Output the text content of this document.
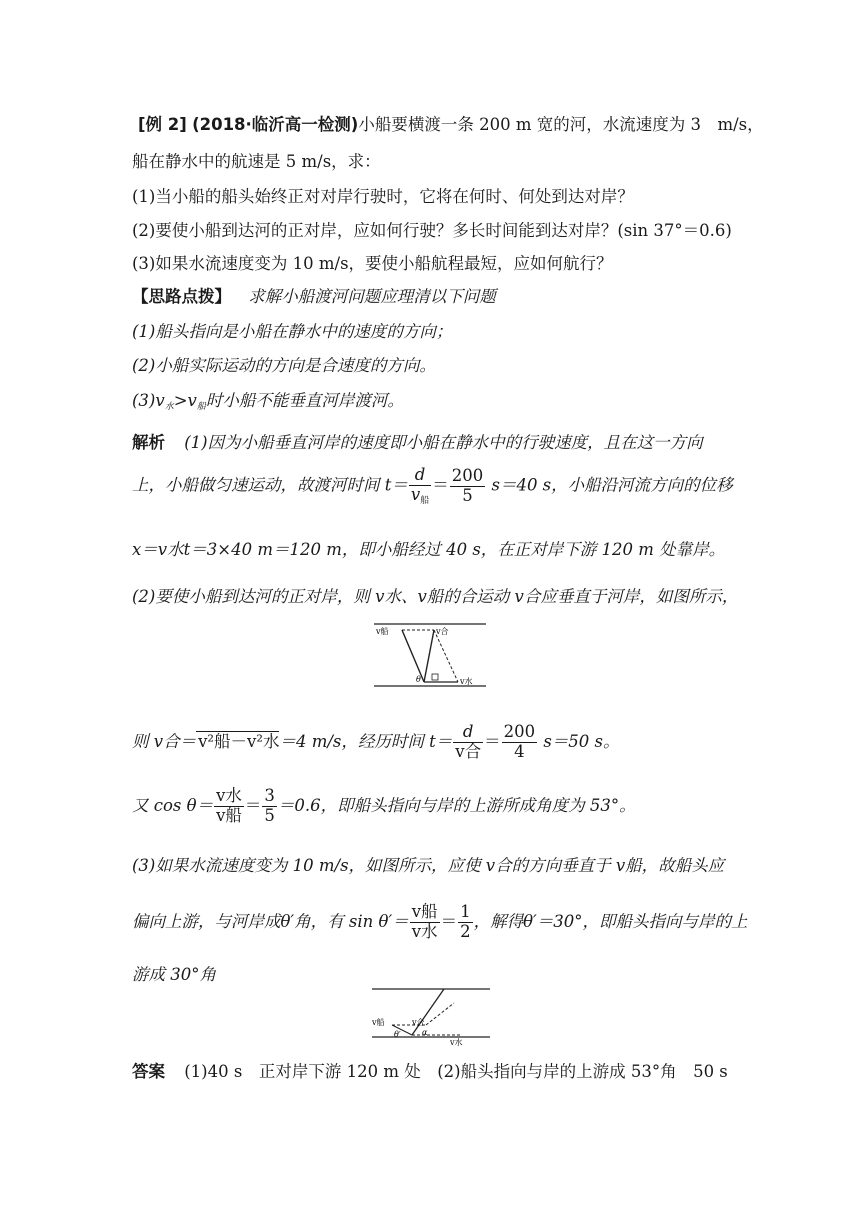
[例 2] (2018·临沂高一检测)小船要横渡一条 200 m 宽的河，水流速度为 3　m/s，
船在静水中的航速是 5 m/s，求：
(1)当小船的船头始终正对对岸行驶时，它将在何时、何处到达对岸？
(2)要使小船到达河的正对岸，应如何行驶？多长时间能到达对岸？(sin 37°＝0.6)
(3)如果水流速度变为 10 m/s，要使小船航程最短，应如何航行？
【思路点拨】 求解小船渡河问题应理清以下问题
(1)船头指向是小船在静水中的速度的方向；
(2)小船实际运动的方向是合速度的方向。
$(3)v_水>v_船$时小船不能垂直河岸渡河。
解析 (1)因为小船垂直河岸的速度即小船在静水中的行驶速度，且在这一方向
上，小船做匀速运动，故渡河时间 $t= \frac{d}{v_船} = \frac{200}{5} s=40$ s，小船沿河流方向的位移
x＝v水t＝3×40 m＝120 m，即小船经过 40 s，在正对岸下游 120 m 处靠岸。
(2)要使小船到达河的正对岸，则 v水、v船的合运动 v合应垂直于河岸，如图所示，
v船	v合
v水
θ
则 v合＝ v²船－v²水＝4 m/s，经历时间 $t= \frac{d}{\text{v合}} = \frac{200}{4} s=50$ s。
又 $\cos \theta= \frac{\text{v水}}{\text{v船}} = \frac{3}{5} =0.6$，即船头指向与岸的上游所成角度为 53°。
(3)如果水流速度变为 10 m/s，如图所示，应使 v合的方向垂直于 v船，故船头应
偏向上游，与河岸成θ′角，有 $\sin \theta'= \frac{\text{v船}}{\text{v水}} = \frac{1}{2}$ ，解得θ′＝30°，即船头指向与岸的上
游成 30°角
v船	v合
v水
θ′	α
答案 (1)40 s　正对岸下游 120 m 处　(2)船头指向与岸的上游成 53°角　50 s
